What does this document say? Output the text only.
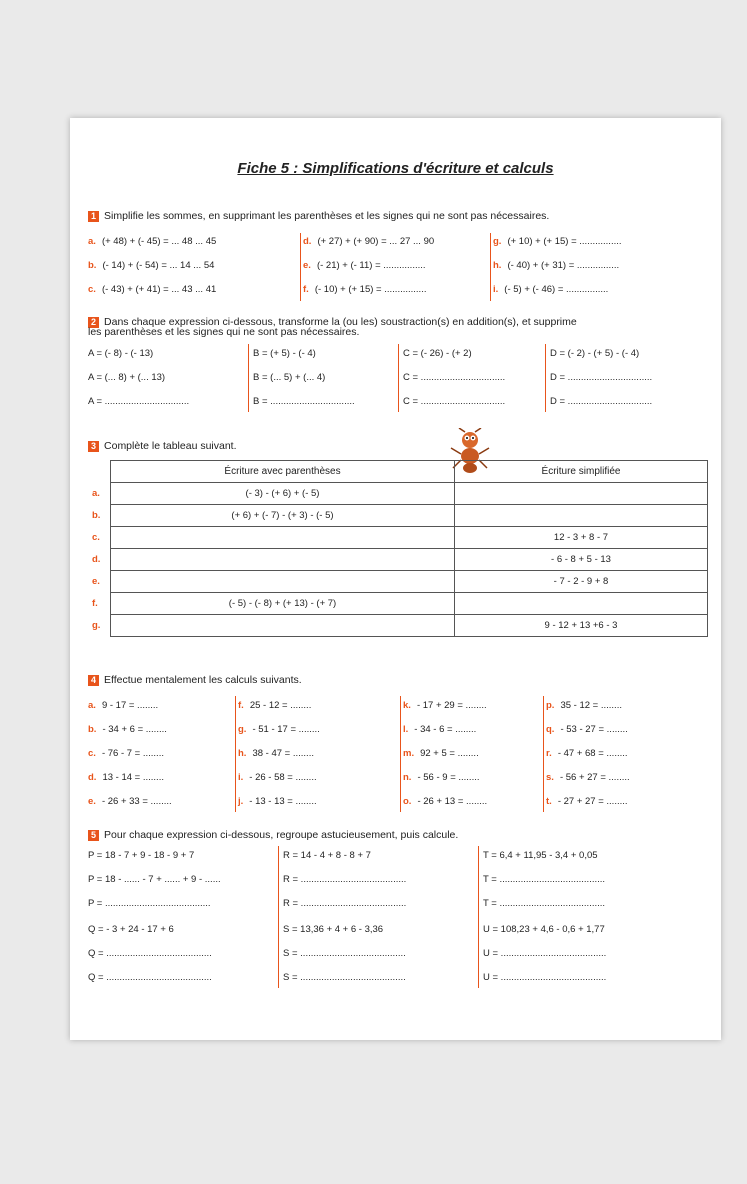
Fiche 5 : Simplifications d'écriture et calculs
1 Simplifie les sommes, en supprimant les parenthèses et les signes qui ne sont pas nécessaires.
a. (+ 48) + (- 45) = ... 48 ... 45	d. (+ 27) + (+ 90) = ... 27 ... 90	g. (+ 10) + (+ 15) = ................
b. (- 14) + (- 54) = ... 14 ... 54	e. (- 21) + (- 11) = ................	h. (- 40) + (+ 31) = ................
c. (- 43) + (+ 41) = ... 43 ... 41	f. (- 10) + (+ 15) = ................	i. (- 5) + (- 46) = ................
2 Dans chaque expression ci-dessous, transforme la (ou les) soustraction(s) en addition(s), et supprime
les parenthèses et les signes qui ne sont pas nécessaires.
A = (- 8) - (- 13)	B = (+ 5) - (- 4)	C = (- 26) - (+ 2)	D = (- 2) - (+ 5) - (- 4)
A = (... 8) + (... 13)	B = (... 5) + (... 4)	C = ................................	D = ................................
A = ................................	B = ................................	C = ................................	D = ................................
3 Complète le tableau suivant.
	Écriture avec parenthèses	Écriture simplifiée
a.	(- 3) - (+ 6) + (- 5)	
b.	(+ 6) + (- 7) - (+ 3) - (- 5)	
c.		12 - 3 + 8 - 7
d.		- 6 - 8 + 5 - 13
e.		- 7 - 2 - 9 + 8
f.	(- 5) - (- 8) + (+ 13) - (+ 7)	
g.		9 - 12 + 13 +6 - 3
4 Effectue mentalement les calculs suivants.
a. 9 - 17 = ........	f. 25 - 12 = ........	k. - 17 + 29 = ........	p. 35 - 12 = ........
b. - 34 + 6 = ........	g. - 51 - 17 = ........	l. - 34 - 6 = ........	q. - 53 - 27 = ........
c. - 76 - 7 = ........	h. 38 - 47 = ........	m. 92 + 5 = ........	r. - 47 + 68 = ........
d. 13 - 14 = ........	i. - 26 - 58 = ........	n. - 56 - 9 = ........	s. - 56 + 27 = ........
e. - 26 + 33 = ........	j. - 13 - 13 = ........	o. - 26 + 13 = ........	t. - 27 + 27 = ........
5 Pour chaque expression ci-dessous, regroupe astucieusement, puis calcule.
P = 18 - 7 + 9 - 18 - 9 + 7	R = 14 - 4 + 8 - 8 + 7	T = 6,4 + 11,95 - 3,4 + 0,05
P = 18 - ...... - 7 + ...... + 9 - ......	R = ........................................	T = ........................................
P = ........................................	R = ........................................	T = ........................................
Q = - 3 + 24 - 17 + 6	S = 13,36 + 4 + 6 - 3,36	U = 108,23 + 4,6 - 0,6 + 1,77
Q = ........................................	S = ........................................	U = ........................................
Q = ........................................	S = ........................................	U = ........................................
